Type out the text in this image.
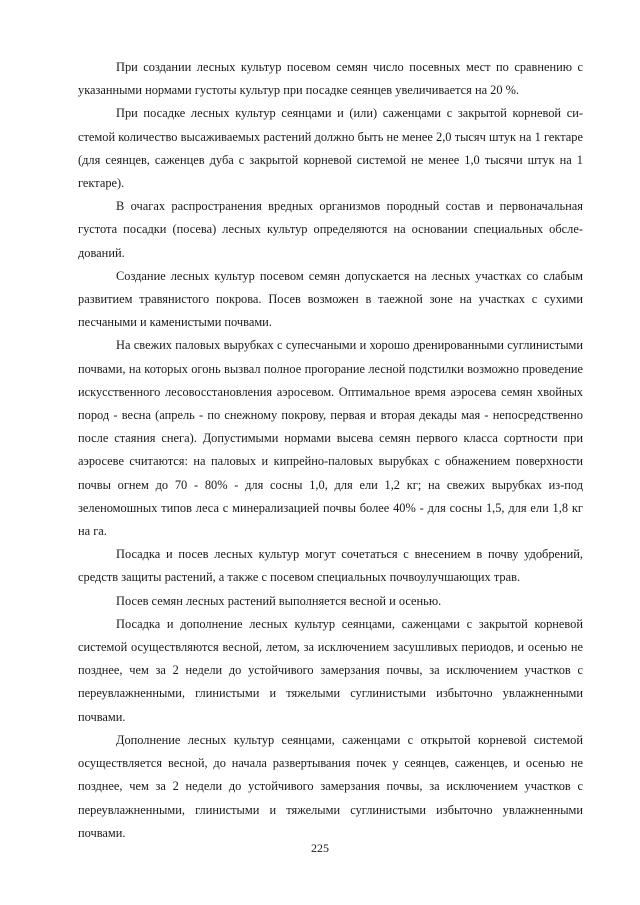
При создании лесных культур посевом семян число посевных мест по сравнению с указанными нормами густоты культур при посадке сеянцев увеличивается на 20 %.

При посадке лесных культур сеянцами и (или) саженцами с закрытой корневой системой количество высаживаемых растений должно быть не менее 2,0 тысяч штук на 1 гектаре (для сеянцев, саженцев дуба с закрытой корневой системой не менее 1,0 тысячи штук на 1 гектаре).

В очагах распространения вредных организмов породный состав и первоначальная густота посадки (посева) лесных культур определяются на основании специальных обследований.

Создание лесных культур посевом семян допускается на лесных участках со слабым развитием травянистого покрова. Посев возможен в таежной зоне на участках с сухими песчаными и каменистыми почвами.

На свежих паловых вырубках с супесчаными и хорошо дренированными суглинистыми почвами, на которых огонь вызвал полное прогорание лесной подстилки возможно проведение искусственного лесовосстановления аэросевом. Оптимальное время аэросева семян хвойных пород - весна (апрель - по снежному покрову, первая и вторая декады мая - непосредственно после стаяния снега). Допустимыми нормами высева семян первого класса сортности при аэросеве считаются: на паловых и кипрейно-паловых вырубках с обнажением поверхности почвы огнем до 70 - 80% - для сосны 1,0, для ели 1,2 кг; на свежих вырубках из-под зеленомошных типов леса с минерализацией почвы более 40% - для сосны 1,5, для ели 1,8 кг на га.

Посадка и посев лесных культур могут сочетаться с внесением в почву удобрений, средств защиты растений, а также с посевом специальных почвоулучшающих трав.

Посев семян лесных растений выполняется весной и осенью.

Посадка и дополнение лесных культур сеянцами, саженцами с закрытой корневой системой осуществляются весной, летом, за исключением засушливых периодов, и осенью не позднее, чем за 2 недели до устойчивого замерзания почвы, за исключением участков с переувлажненными, глинистыми и тяжелыми суглинистыми избыточно увлажненными почвами.

Дополнение лесных культур сеянцами, саженцами с открытой корневой системой осуществляется весной, до начала развертывания почек у сеянцев, саженцев, и осенью не позднее, чем за 2 недели до устойчивого замерзания почвы, за исключением участков с переувлажненными, глинистыми и тяжелыми суглинистыми избыточно увлажненными почвами.

225
